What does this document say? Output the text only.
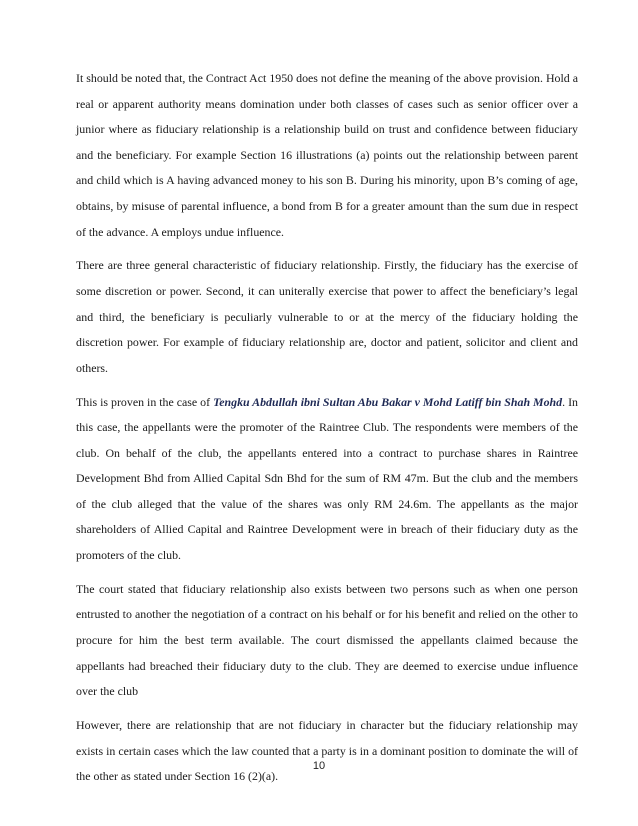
It should be noted that, the Contract Act 1950 does not define the meaning of the above provision. Hold a real or apparent authority means domination under both classes of cases such as senior officer over a junior where as fiduciary relationship is a relationship build on trust and confidence between fiduciary and the beneficiary. For example Section 16 illustrations (a) points out the relationship between parent and child which is A having advanced money to his son B. During his minority, upon B’s coming of age, obtains, by misuse of parental influence, a bond from B for a greater amount than the sum due in respect of the advance. A employs undue influence.

There are three general characteristic of fiduciary relationship. Firstly, the fiduciary has the exercise of some discretion or power. Second, it can uniterally exercise that power to affect the beneficiary’s legal and third, the beneficiary is peculiarly vulnerable to or at the mercy of the fiduciary holding the discretion power. For example of fiduciary relationship are, doctor and patient, solicitor and client and others.

This is proven in the case of Tengku Abdullah ibni Sultan Abu Bakar v Mohd Latiff bin Shah Mohd. In this case, the appellants were the promoter of the Raintree Club. The respondents were members of the club. On behalf of the club, the appellants entered into a contract to purchase shares in Raintree Development Bhd from Allied Capital Sdn Bhd for the sum of RM 47m. But the club and the members of the club alleged that the value of the shares was only RM 24.6m. The appellants as the major shareholders of Allied Capital and Raintree Development were in breach of their fiduciary duty as the promoters of the club.

The court stated that fiduciary relationship also exists between two persons such as when one person entrusted to another the negotiation of a contract on his behalf or for his benefit and relied on the other to procure for him the best term available. The court dismissed the appellants claimed because the appellants had breached their fiduciary duty to the club. They are deemed to exercise undue influence over the club

However, there are relationship that are not fiduciary in character but the fiduciary relationship may exists in certain cases which the law counted that a party is in a dominant position to dominate the will of the other as stated under Section 16 (2)(a).

10
